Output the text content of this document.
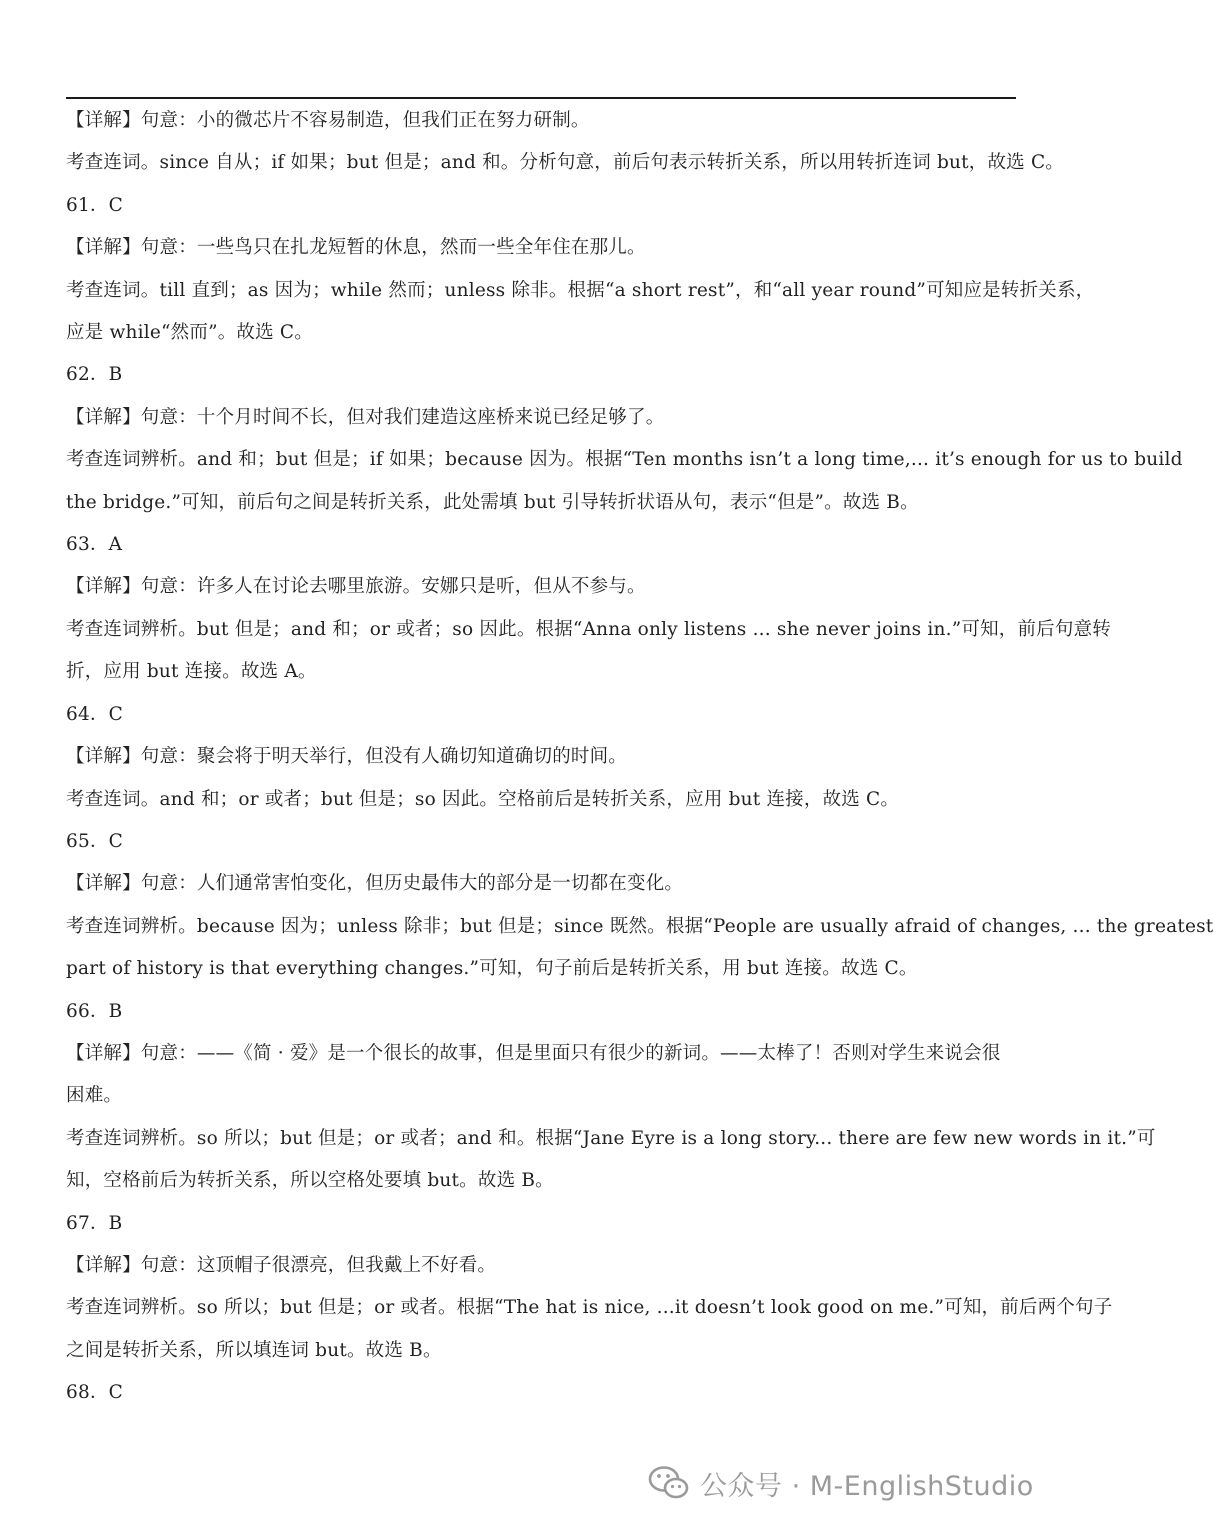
【详解】句意：小的微芯片不容易制造，但我们正在努力研制。
考查连词。since 自从；if 如果；but 但是；and 和。分析句意，前后句表示转折关系，所以用转折连词 but，故选 C。
61．C
【详解】句意：一些鸟只在扎龙短暂的休息，然而一些全年住在那儿。
考查连词。till 直到；as 因为；while 然而；unless 除非。根据“a short rest”，和“all year round”可知应是转折关系，
应是 while“然而”。故选 C。
62．B
【详解】句意：十个月时间不长，但对我们建造这座桥来说已经足够了。
考查连词辨析。and 和；but 但是；if 如果；because 因为。根据“Ten months isn’t a long time,... it’s enough for us to build
the bridge.”可知，前后句之间是转折关系，此处需填 but 引导转折状语从句，表示“但是”。故选 B。
63．A
【详解】句意：许多人在讨论去哪里旅游。安娜只是听，但从不参与。
考查连词辨析。but 但是；and 和；or 或者；so 因此。根据“Anna only listens ... she never joins in.”可知，前后句意转
折，应用 but 连接。故选 A。
64．C
【详解】句意：聚会将于明天举行，但没有人确切知道确切的时间。
考查连词。and 和；or 或者；but 但是；so 因此。空格前后是转折关系，应用 but 连接，故选 C。
65．C
【详解】句意：人们通常害怕变化，但历史最伟大的部分是一切都在变化。
考查连词辨析。because 因为；unless 除非；but 但是；since 既然。根据“People are usually afraid of changes, ... the greatest
part of history is that everything changes.”可知，句子前后是转折关系，用 but 连接。故选 C。
66．B
【详解】句意：——《简 · 爱》是一个很长的故事，但是里面只有很少的新词。——太棒了！否则对学生来说会很
困难。
考查连词辨析。so 所以；but 但是；or 或者；and 和。根据“Jane Eyre is a long story... there are few new words in it.”可
知，空格前后为转折关系，所以空格处要填 but。故选 B。
67．B
【详解】句意：这顶帽子很漂亮，但我戴上不好看。
考查连词辨析。so 所以；but 但是；or 或者。根据“The hat is nice, ...it doesn’t look good on me.”可知，前后两个句子
之间是转折关系，所以填连词 but。故选 B。
68．C
公众号 · M-EnglishStudio
